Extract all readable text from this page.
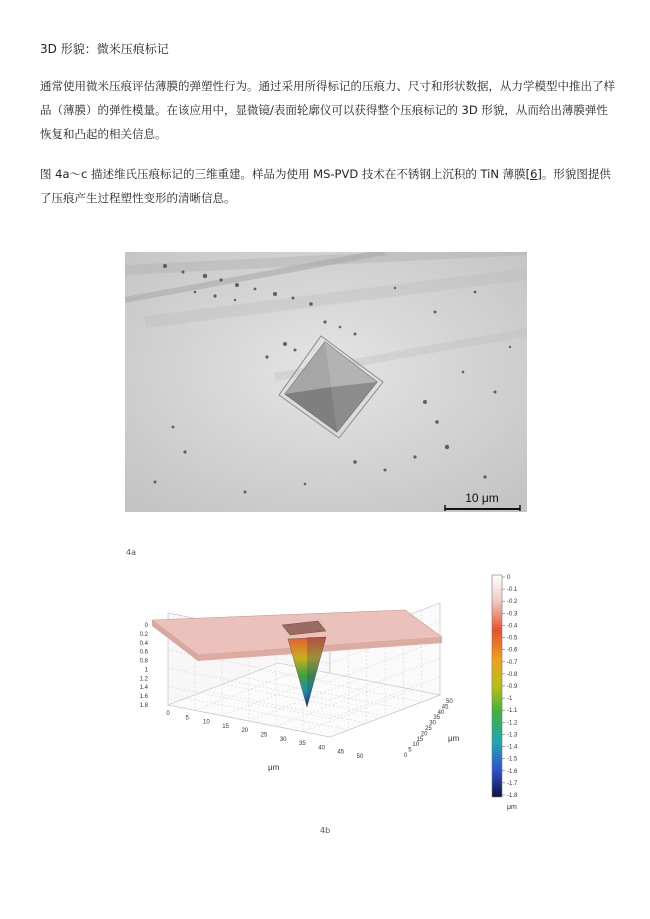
3D 形貌：微米压痕标记

通常使用微米压痕评估薄膜的弹塑性行为。通过采用所得标记的压痕力、尺寸和形状数据，从力学模型中推出了样品（薄膜）的弹性模量。在该应用中，显微镜/表面轮廓仪可以获得整个压痕标记的 3D 形貌，从而给出薄膜弹性恢复和凸起的相关信息。

图 4a～c 描述维氏压痕标记的三维重建。样品为使用 MS-PVD 技术在不锈钢上沉积的 TiN 薄膜[6]。形貌图提供了压痕产生过程塑性变形的清晰信息。

10 μm
4a
0
0.2
0.4
0.6
0.8
1
1.2
1.4
1.6
1.8
0
5
10
15
20
25
30
35
40
45
50
50
45
40
35
30
25
20
15
10
5
0
μm
μm
0
-0.1
-0.2
-0.3
-0.4
-0.5
-0.6
-0.7
-0.8
-0.9
-1
-1.1
-1.2
-1.3
-1.4
-1.5
-1.6
-1.7
-1.8
μm
4b
